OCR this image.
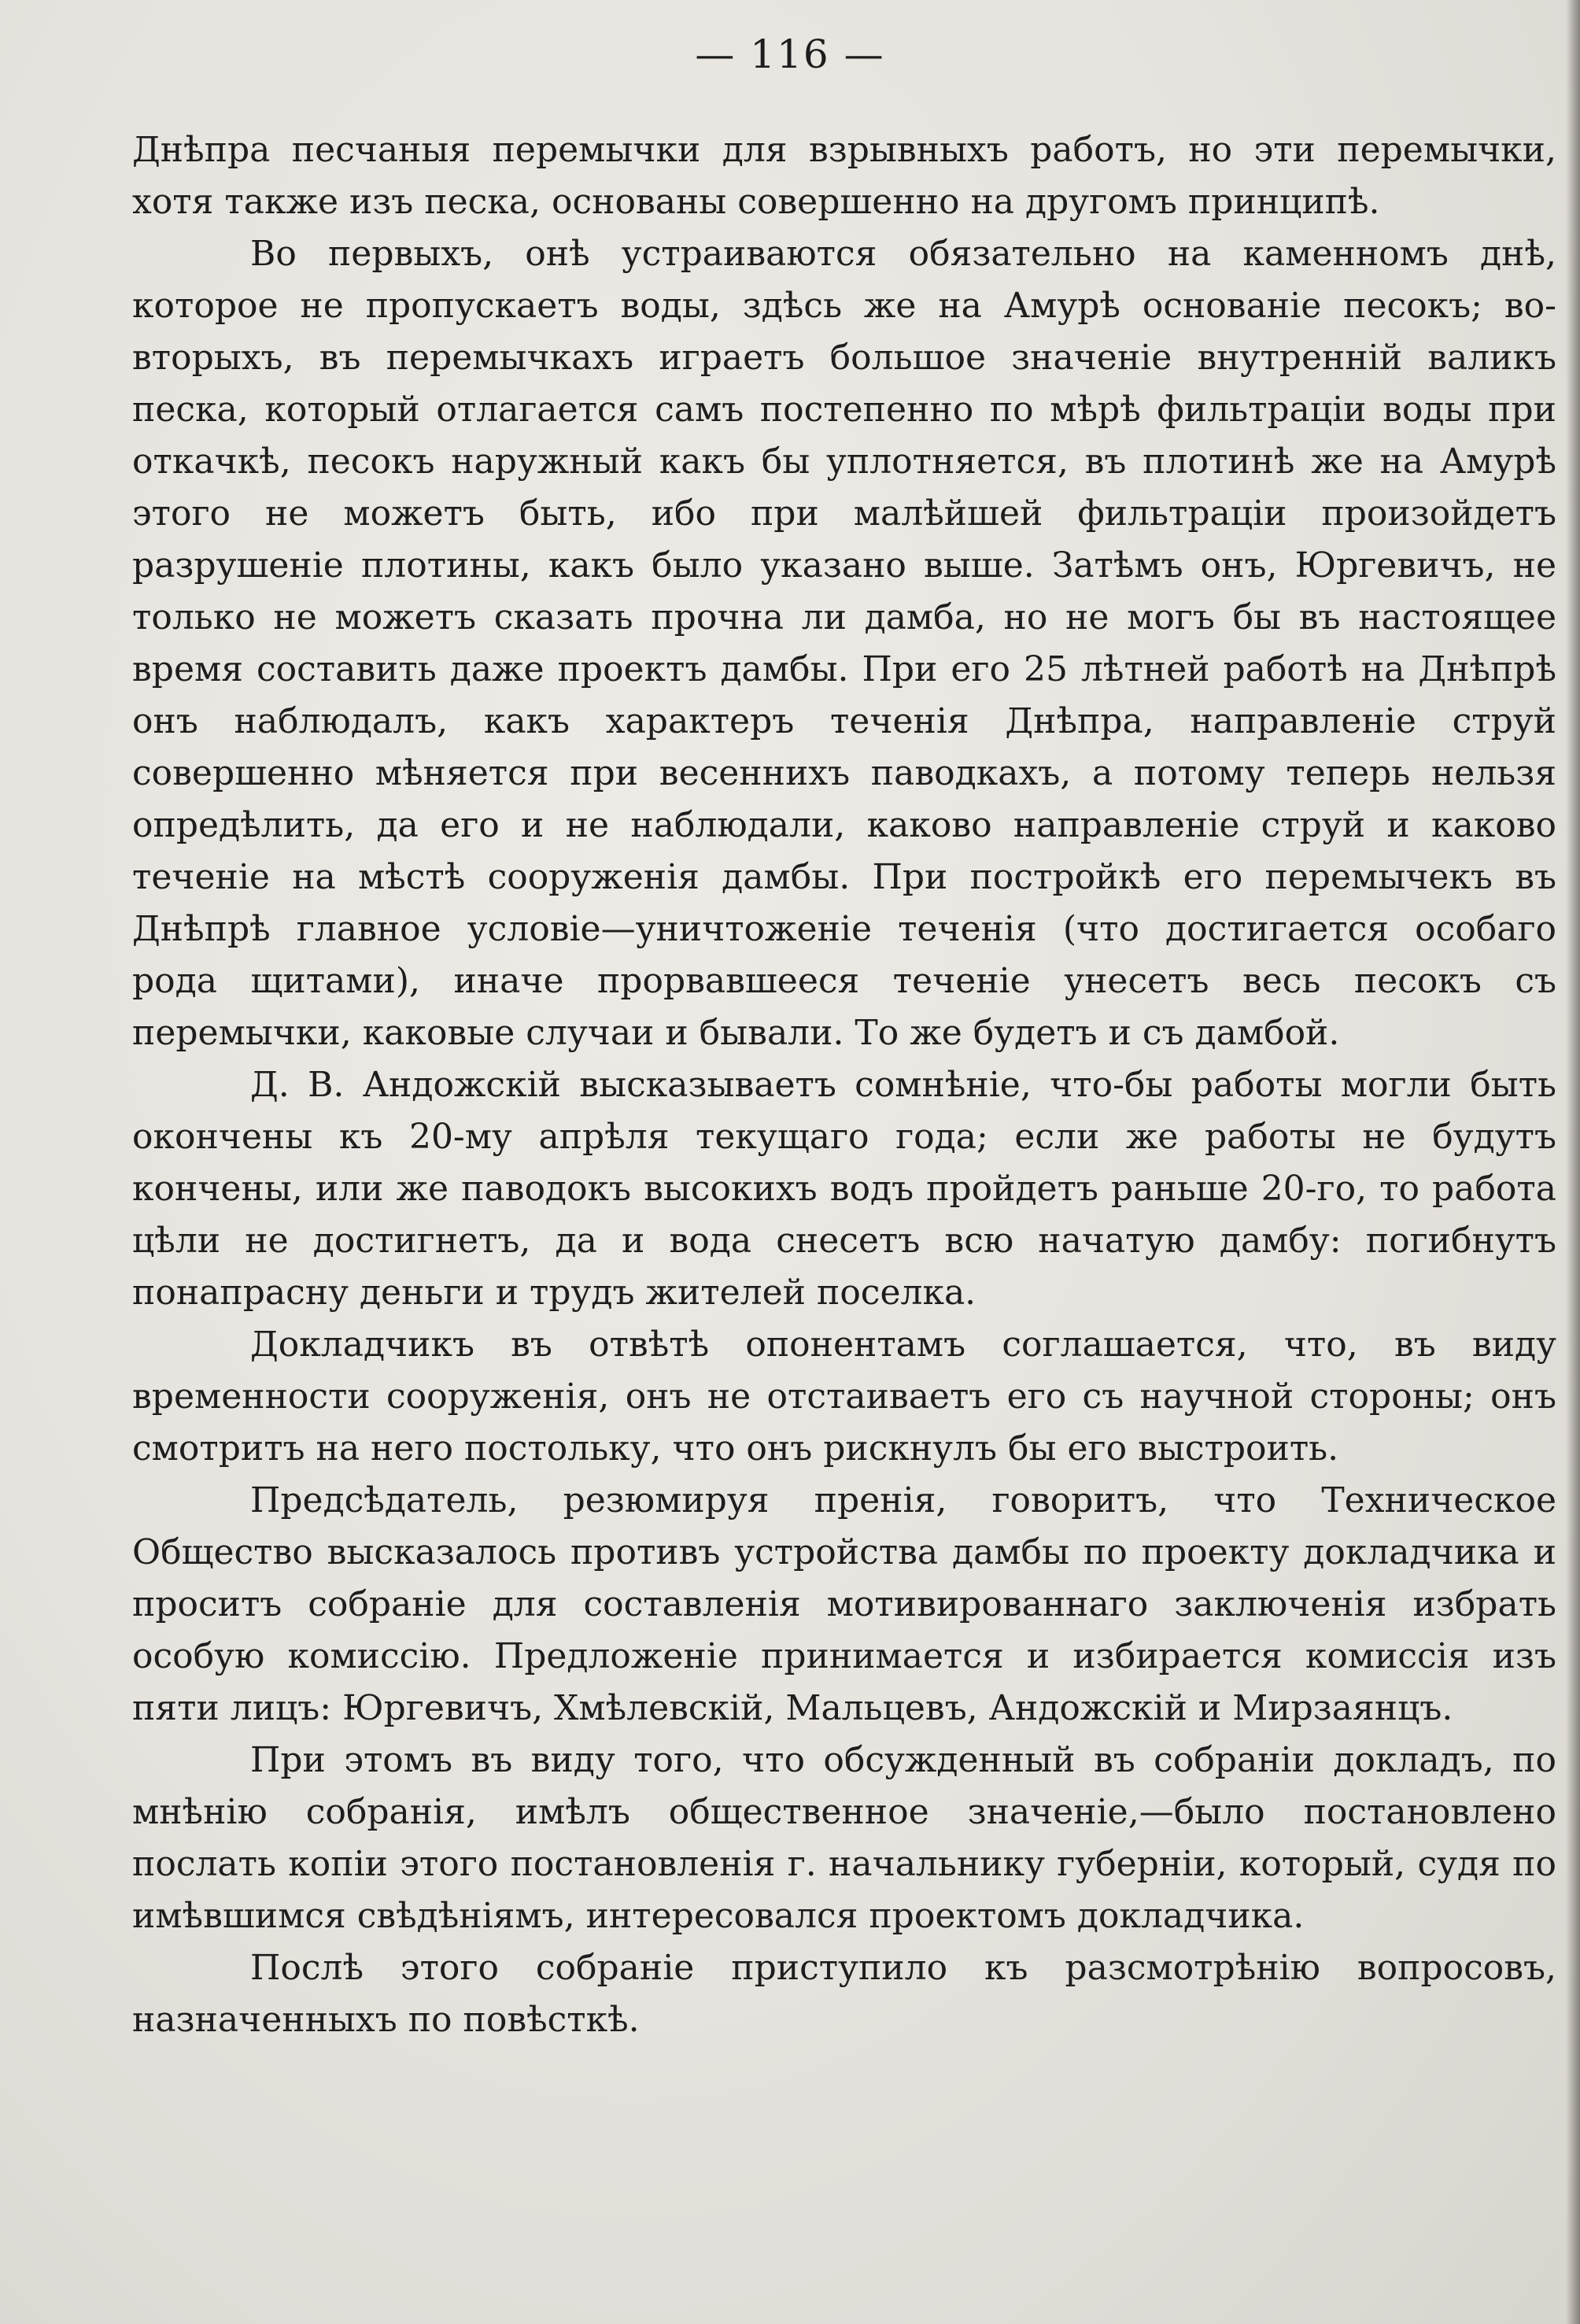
— 116 —

Днѣпра песчаныя перемычки для взрывныхъ работъ, но эти перемычки, хотя также изъ песка, основаны совершенно на другомъ принципѣ.

Во первыхъ, онѣ устраиваются обязательно на каменномъ днѣ, которое не пропускаетъ воды, здѣсь же на Амурѣ основаніе песокъ; во-вторыхъ, въ перемычкахъ играетъ большое значеніе внутренній валикъ песка, который отлагается самъ постепенно по мѣрѣ фильтраціи воды при откачкѣ, песокъ наружный какъ бы уплотняется, въ плотинѣ же на Амурѣ этого не можетъ быть, ибо при малѣйшей фильтраціи произойдетъ разрушеніе плотины, какъ было указано выше. Затѣмъ онъ, Юргевичъ, не только не можетъ сказать прочна ли дамба, но не могъ бы въ настоящее время составить даже проектъ дамбы. При его 25 лѣтней работѣ на Днѣпрѣ онъ наблюдалъ, какъ характеръ теченія Днѣпра, направленіе струй совершенно мѣняется при весеннихъ паводкахъ, а потому теперь нельзя опредѣлить, да его и не наблюдали, каково направленіе струй и каково теченіе на мѣстѣ сооруженія дамбы. При постройкѣ его перемычекъ въ Днѣпрѣ главное условіе—уничтоженіе теченія (что достигается особаго рода щитами), иначе прорвавшееся теченіе унесетъ весь песокъ съ перемычки, каковые случаи и бывали. То же будетъ и съ дамбой.

Д. В. Андожскій высказываетъ сомнѣніе, что-бы работы могли быть окончены къ 20-му апрѣля текущаго года; если же работы не будутъ кончены, или же паводокъ высокихъ водъ пройдетъ раньше 20-го, то работа цѣли не достигнетъ, да и вода снесетъ всю начатую дамбу: погибнутъ понапрасну деньги и трудъ жителей поселка.

Докладчикъ въ отвѣтѣ опонентамъ соглашается, что, въ виду временности сооруженія, онъ не отстаиваетъ его съ научной стороны; онъ смотритъ на него постольку, что онъ рискнулъ бы его выстроить.

Предсѣдатель, резюмируя пренія, говоритъ, что Техническое Общество высказалось противъ устройства дамбы по проекту докладчика и проситъ собраніе для составленія мотивированнаго заключенія избрать особую комиссію. Предложеніе принимается и избирается комиссія изъ пяти лицъ: Юргевичъ, Хмѣлевскій, Мальцевъ, Андожскій и Мирзаянцъ.

При этомъ въ виду того, что обсужденный въ собраніи докладъ, по мнѣнію собранія, имѣлъ общественное значеніе,—было постановлено послать копіи этого постановленія г. начальнику губерніи, который, судя по имѣвшимся свѣдѣніямъ, интересовался проектомъ докладчика.

Послѣ этого собраніе приступило къ разсмотрѣнію вопросовъ, назначенныхъ по повѣсткѣ.
